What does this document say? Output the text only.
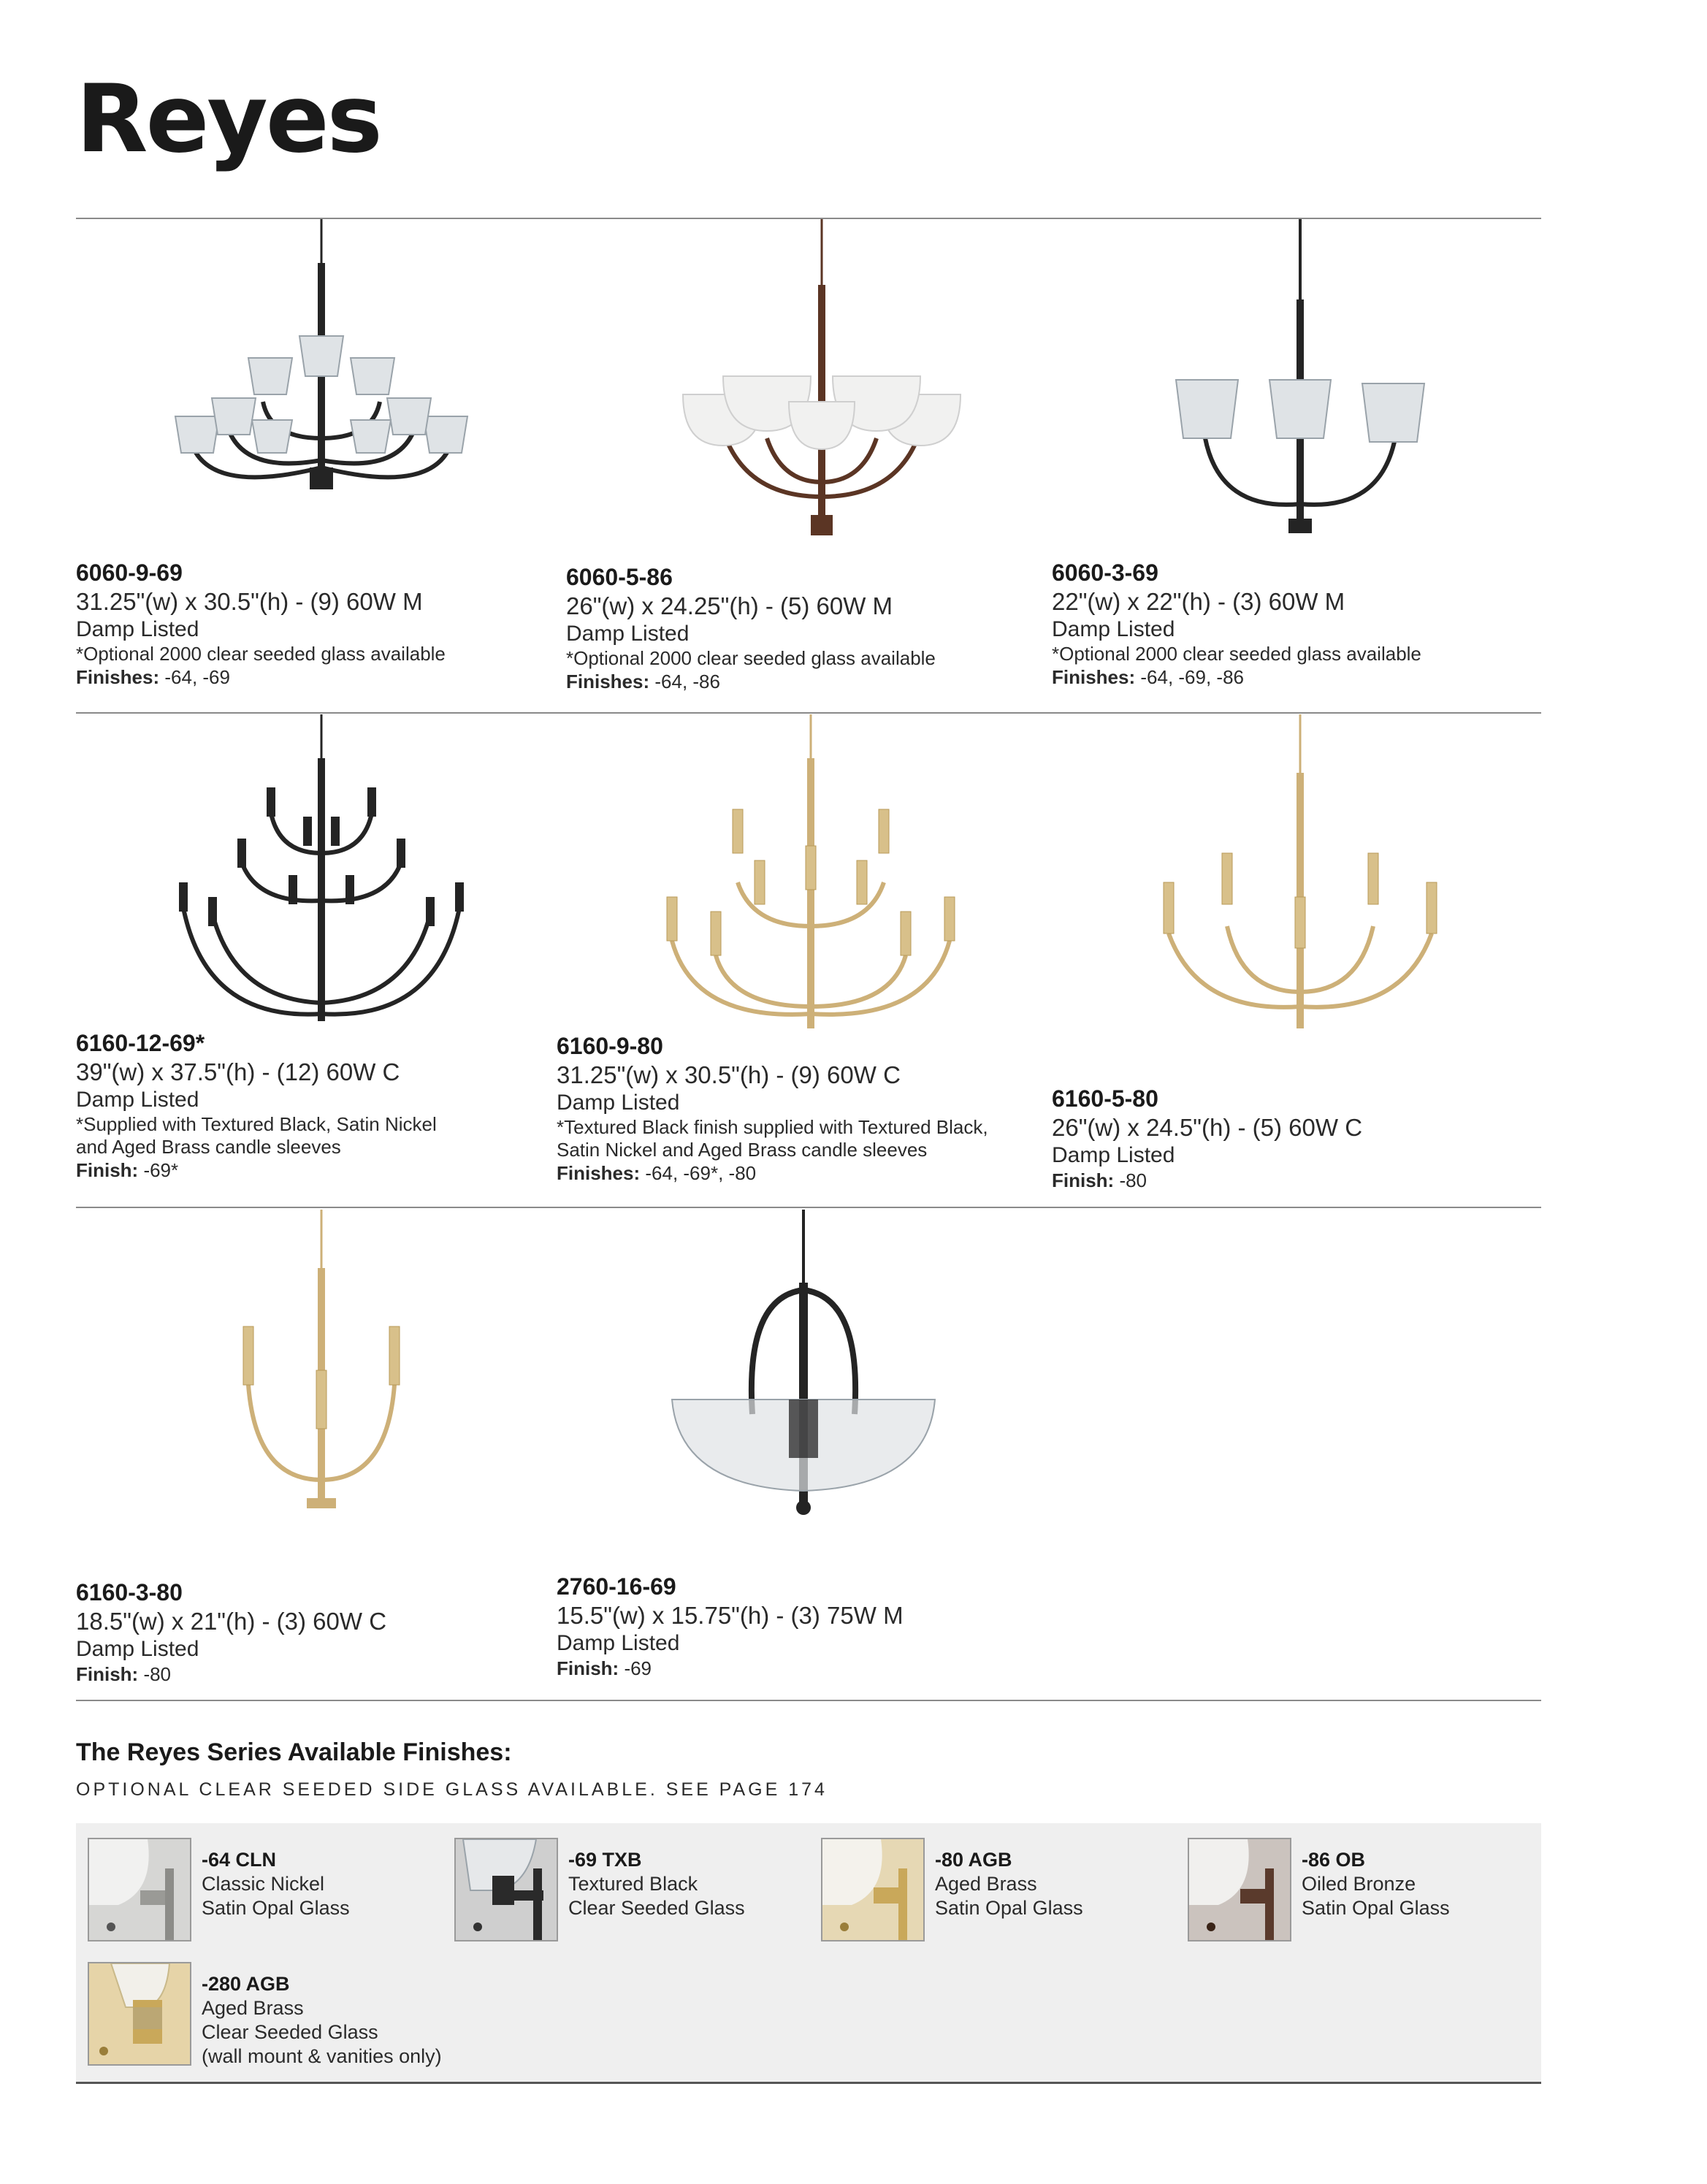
Reyes
6060-9-69
31.25"(w) x 30.5"(h) - (9) 60W M
Damp Listed
*Optional 2000 clear seeded glass available
Finishes: -64, -69
6060-5-86
26"(w) x 24.25"(h) - (5) 60W M
Damp Listed
*Optional 2000 clear seeded glass available
Finishes: -64, -86
6060-3-69
22"(w) x 22"(h) - (3) 60W M
Damp Listed
*Optional 2000 clear seeded glass available
Finishes: -64, -69, -86
6160-12-69*
39"(w) x 37.5"(h) - (12) 60W C
Damp Listed
*Supplied with Textured Black, Satin Nickel
and Aged Brass candle sleeves
Finish: -69*
6160-9-80
31.25"(w) x 30.5"(h) - (9) 60W C
Damp Listed
*Textured Black finish supplied with Textured Black,
Satin Nickel and Aged Brass candle sleeves
Finishes: -64, -69*, -80
6160-5-80
26"(w) x 24.5"(h) - (5) 60W C
Damp Listed
Finish: -80
6160-3-80
18.5"(w) x 21"(h) - (3) 60W C
Damp Listed
Finish: -80
2760-16-69
15.5"(w) x 15.75"(h) - (3) 75W M
Damp Listed
Finish: -69
The Reyes Series Available Finishes:
OPTIONAL CLEAR SEEDED SIDE GLASS AVAILABLE. SEE PAGE 174
-64 CLN
Classic Nickel
Satin Opal Glass
-69 TXB
Textured Black
Clear Seeded Glass
-80 AGB
Aged Brass
Satin Opal Glass
-86 OB
Oiled Bronze
Satin Opal Glass
-280 AGB
Aged Brass
Clear Seeded Glass
(wall mount & vanities only)
